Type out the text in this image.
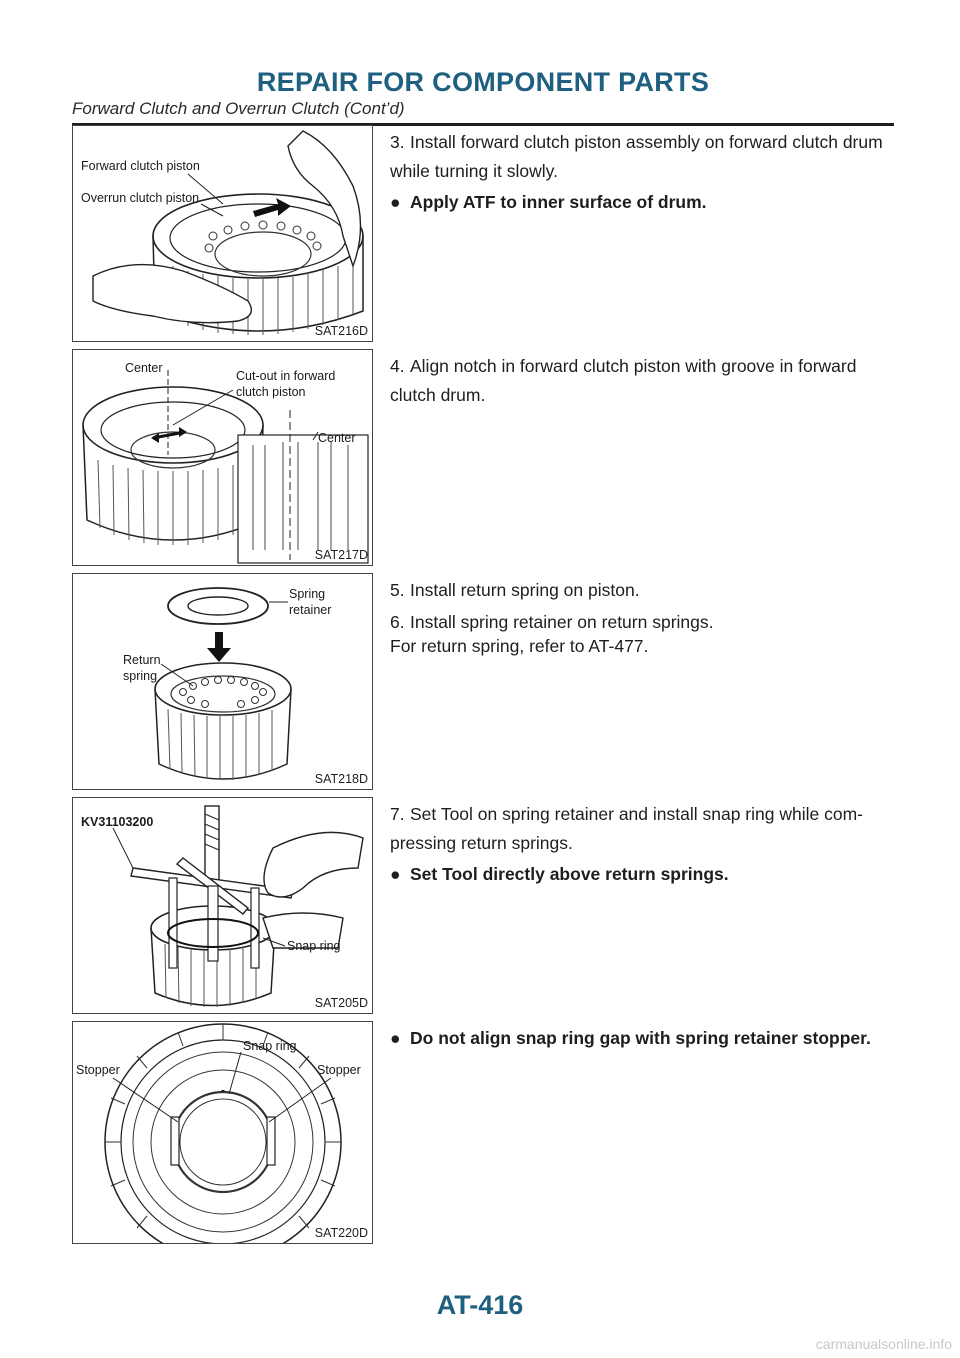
REPAIR FOR COMPONENT PARTS
Forward Clutch and Overrun Clutch (Cont’d)
Forward clutch piston
Overrun clutch piston
SAT216D
3. Install forward clutch piston assembly on forward clutch drum
while turning it slowly.
● Apply ATF to inner surface of drum.
Center
Cut-out in forward
clutch piston
Center
SAT217D
4. Align notch in forward clutch piston with groove in forward
clutch drum.
Spring
retainer
Return
spring
SAT218D
5. Install return spring on piston.
6. Install spring retainer on return springs.
For return spring, refer to AT-477.
KV31103200
Snap ring
SAT205D
7. Set Tool on spring retainer and install snap ring while com-
pressing return springs.
● Set Tool directly above return springs.
Snap ring
Stopper	Stopper
SAT220D
● Do not align snap ring gap with spring retainer stopper.
AT-416
carmanualsonline.info
